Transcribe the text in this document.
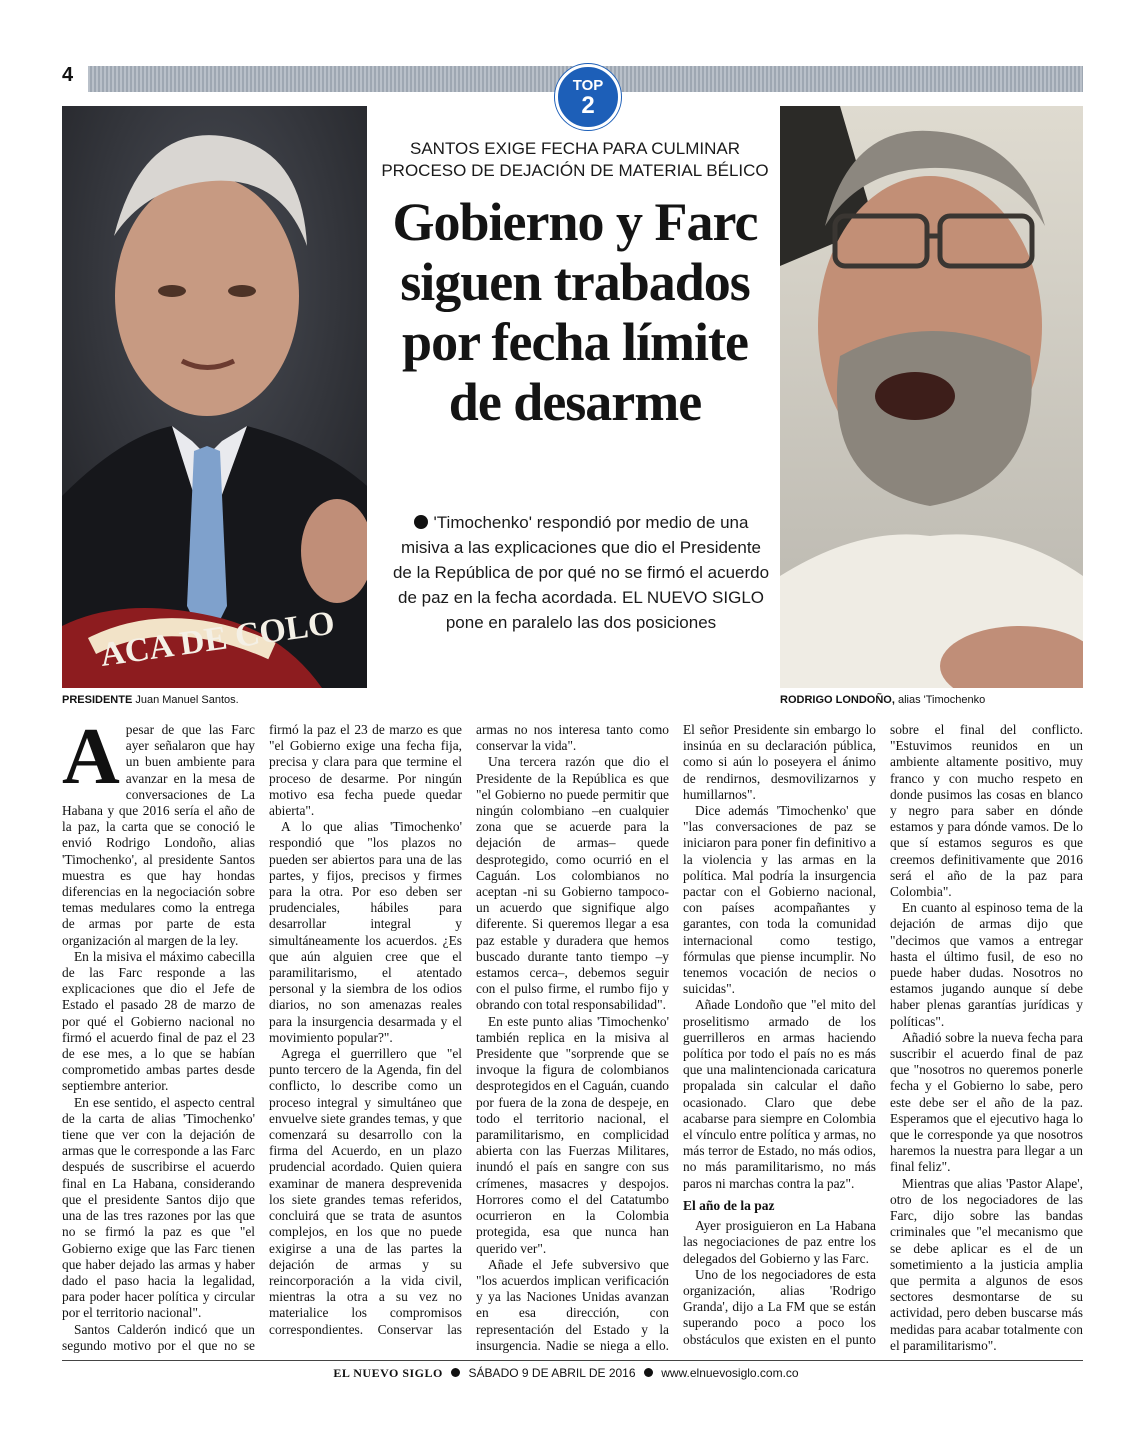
4	TOP
2
ACA DE COLO
PRESIDENTE Juan Manuel Santos.	RODRIGO LONDOÑO, alias 'Timochenko
SANTOS EXIGE FECHA PARA CULMINAR PROCESO DE DEJACIÓN DE MATERIAL BÉLICO
Gobierno y Farc siguen trabados por fecha límite de desarme
'Timochenko' respondió por medio de una misiva a las explicaciones que dio el Presidente de la República de por qué no se firmó el acuerdo de paz en la fecha acordada. EL NUEVO SIGLO pone en paralelo las dos posiciones

Apesar de que las Farc ayer señalaron que hay un buen ambiente para avanzar en la mesa de conversaciones de La Habana y que 2016 sería el año de la paz, la carta que se conoció le envió Rodrigo Londoño, alias 'Timochenko', al presidente Santos muestra es que hay hondas diferencias en la negociación sobre temas medulares como la entrega de armas por parte de esta organización al margen de la ley.

En la misiva el máximo cabecilla de las Farc responde a las explicaciones que dio el Jefe de Estado el pasado 28 de marzo de por qué el Gobierno nacional no firmó el acuerdo final de paz el 23 de ese mes, a lo que se habían comprometido ambas partes desde septiembre anterior.

En ese sentido, el aspecto central de la carta de alias 'Timochenko' tiene que ver con la dejación de armas que le corresponde a las Farc después de suscribirse el acuerdo final en La Habana, considerando que el presidente Santos dijo que una de las tres razones por las que no se firmó la paz es que "el Gobierno exige que las Farc tienen que haber dejado las armas y haber dado el paso hacia la legalidad, para poder hacer política y circular por el territorio nacional".

Santos Calderón indicó que un segundo motivo por el que no se firmó la paz el 23 de marzo es que "el Gobierno exige una fecha fija, precisa y clara para que termine el proceso de desarme. Por ningún motivo esa fecha puede quedar abierta".

A lo que alias 'Timochenko' respondió que "los plazos no pueden ser abiertos para una de las partes, y fijos, precisos y firmes para la otra. Por eso deben ser prudenciales, hábiles para desarrollar integral y simultáneamente los acuerdos. ¿Es que aún alguien cree que el paramilitarismo, el atentado personal y la siembra de los odios diarios, no son amenazas reales para la insurgencia desarmada y el movimiento popular?".

Agrega el guerrillero que "el punto tercero de la Agenda, fin del conflicto, lo describe como un proceso integral y simultáneo que envuelve siete grandes temas, y que comenzará su desarrollo con la firma del Acuerdo, en un plazo prudencial acordado. Quien quiera examinar de manera desprevenida los siete grandes temas referidos, concluirá que se trata de asuntos complejos, en los que no puede exigirse a una de las partes la dejación de armas y su reincorporación a la vida civil, mientras la otra a su vez no materialice los compromisos correspondientes. Conservar las armas no nos interesa tanto como conservar la vida".

Una tercera razón que dio el Presidente de la República es que "el Gobierno no puede permitir que ningún colombiano –en cualquier zona que se acuerde para la dejación de armas– quede desprotegido, como ocurrió en el Caguán. Los colombianos no aceptan -ni su Gobierno tampoco- un acuerdo que signifique algo diferente. Si queremos llegar a esa paz estable y duradera que hemos buscado durante tanto tiempo –y estamos cerca–, debemos seguir con el pulso firme, el rumbo fijo y obrando con total responsabilidad".

En este punto alias 'Timochenko' también replica en la misiva al Presidente que "sorprende que se invoque la figura de colombianos desprotegidos en el Caguán, cuando por fuera de la zona de despeje, en todo el territorio nacional, el paramilitarismo, en complicidad abierta con las Fuerzas Militares, inundó el país en sangre con sus crímenes, masacres y despojos. Horrores como el del Catatumbo ocurrieron en la Colombia protegida, esa que nunca han querido ver".

Añade el Jefe subversivo que "los acuerdos implican verificación y ya las Naciones Unidas avanzan en esa dirección, con representación del Estado y la insurgencia. Nadie se niega a ello. El señor Presidente sin embargo lo insinúa en su declaración pública, como si aún lo poseyera el ánimo de rendirnos, desmovilizarnos y humillarnos".

Dice además 'Timochenko' que "las conversaciones de paz se iniciaron para poner fin definitivo a la violencia y las armas en la política. Mal podría la insurgencia pactar con el Gobierno nacional, con países acompañantes y garantes, con toda la comunidad internacional como testigo, fórmulas que piense incumplir. No tenemos vocación de necios o suicidas".

Añade Londoño que "el mito del proselitismo armado de los guerrilleros en armas haciendo política por todo el país no es más que una malintencionada caricatura propalada sin calcular el daño ocasionado. Claro que debe acabarse para siempre en Colombia el vínculo entre política y armas, no más terror de Estado, no más odios, no más paramilitarismo, no más paros ni marchas contra la paz".

El año de la paz

Ayer prosiguieron en La Habana las negociaciones de paz entre los delegados del Gobierno y las Farc.

Uno de los negociadores de esta organización, alias 'Rodrigo Granda', dijo a La FM que se están superando poco a poco los obstáculos que existen en el punto sobre el final del conflicto. "Estuvimos reunidos en un ambiente altamente positivo, muy franco y con mucho respeto en donde pusimos las cosas en blanco y negro para saber en dónde estamos y para dónde vamos. De lo que sí estamos seguros es que creemos definitivamente que 2016 será el año de la paz para Colombia".

En cuanto al espinoso tema de la dejación de armas dijo que "decimos que vamos a entregar hasta el último fusil, de eso no puede haber dudas. Nosotros no estamos jugando aunque sí debe haber plenas garantías jurídicas y políticas".

Añadió sobre la nueva fecha para suscribir el acuerdo final de paz que "nosotros no queremos ponerle fecha y el Gobierno lo sabe, pero este debe ser el año de la paz. Esperamos que el ejecutivo haga lo que le corresponde ya que nosotros haremos la nuestra para llegar a un final feliz".

Mientras que alias 'Pastor Alape', otro de los negociadores de las Farc, dijo sobre las bandas criminales que "el mecanismo que se debe aplicar es el de un sometimiento a la justicia amplia que permita a algunos de esos sectores desmontarse de su actividad, pero deben buscarse más medidas para acabar totalmente con el paramilitarismo".

EL NUEVO SIGLO SÁBADO 9 DE ABRIL DE 2016 www.elnuevosiglo.com.co
